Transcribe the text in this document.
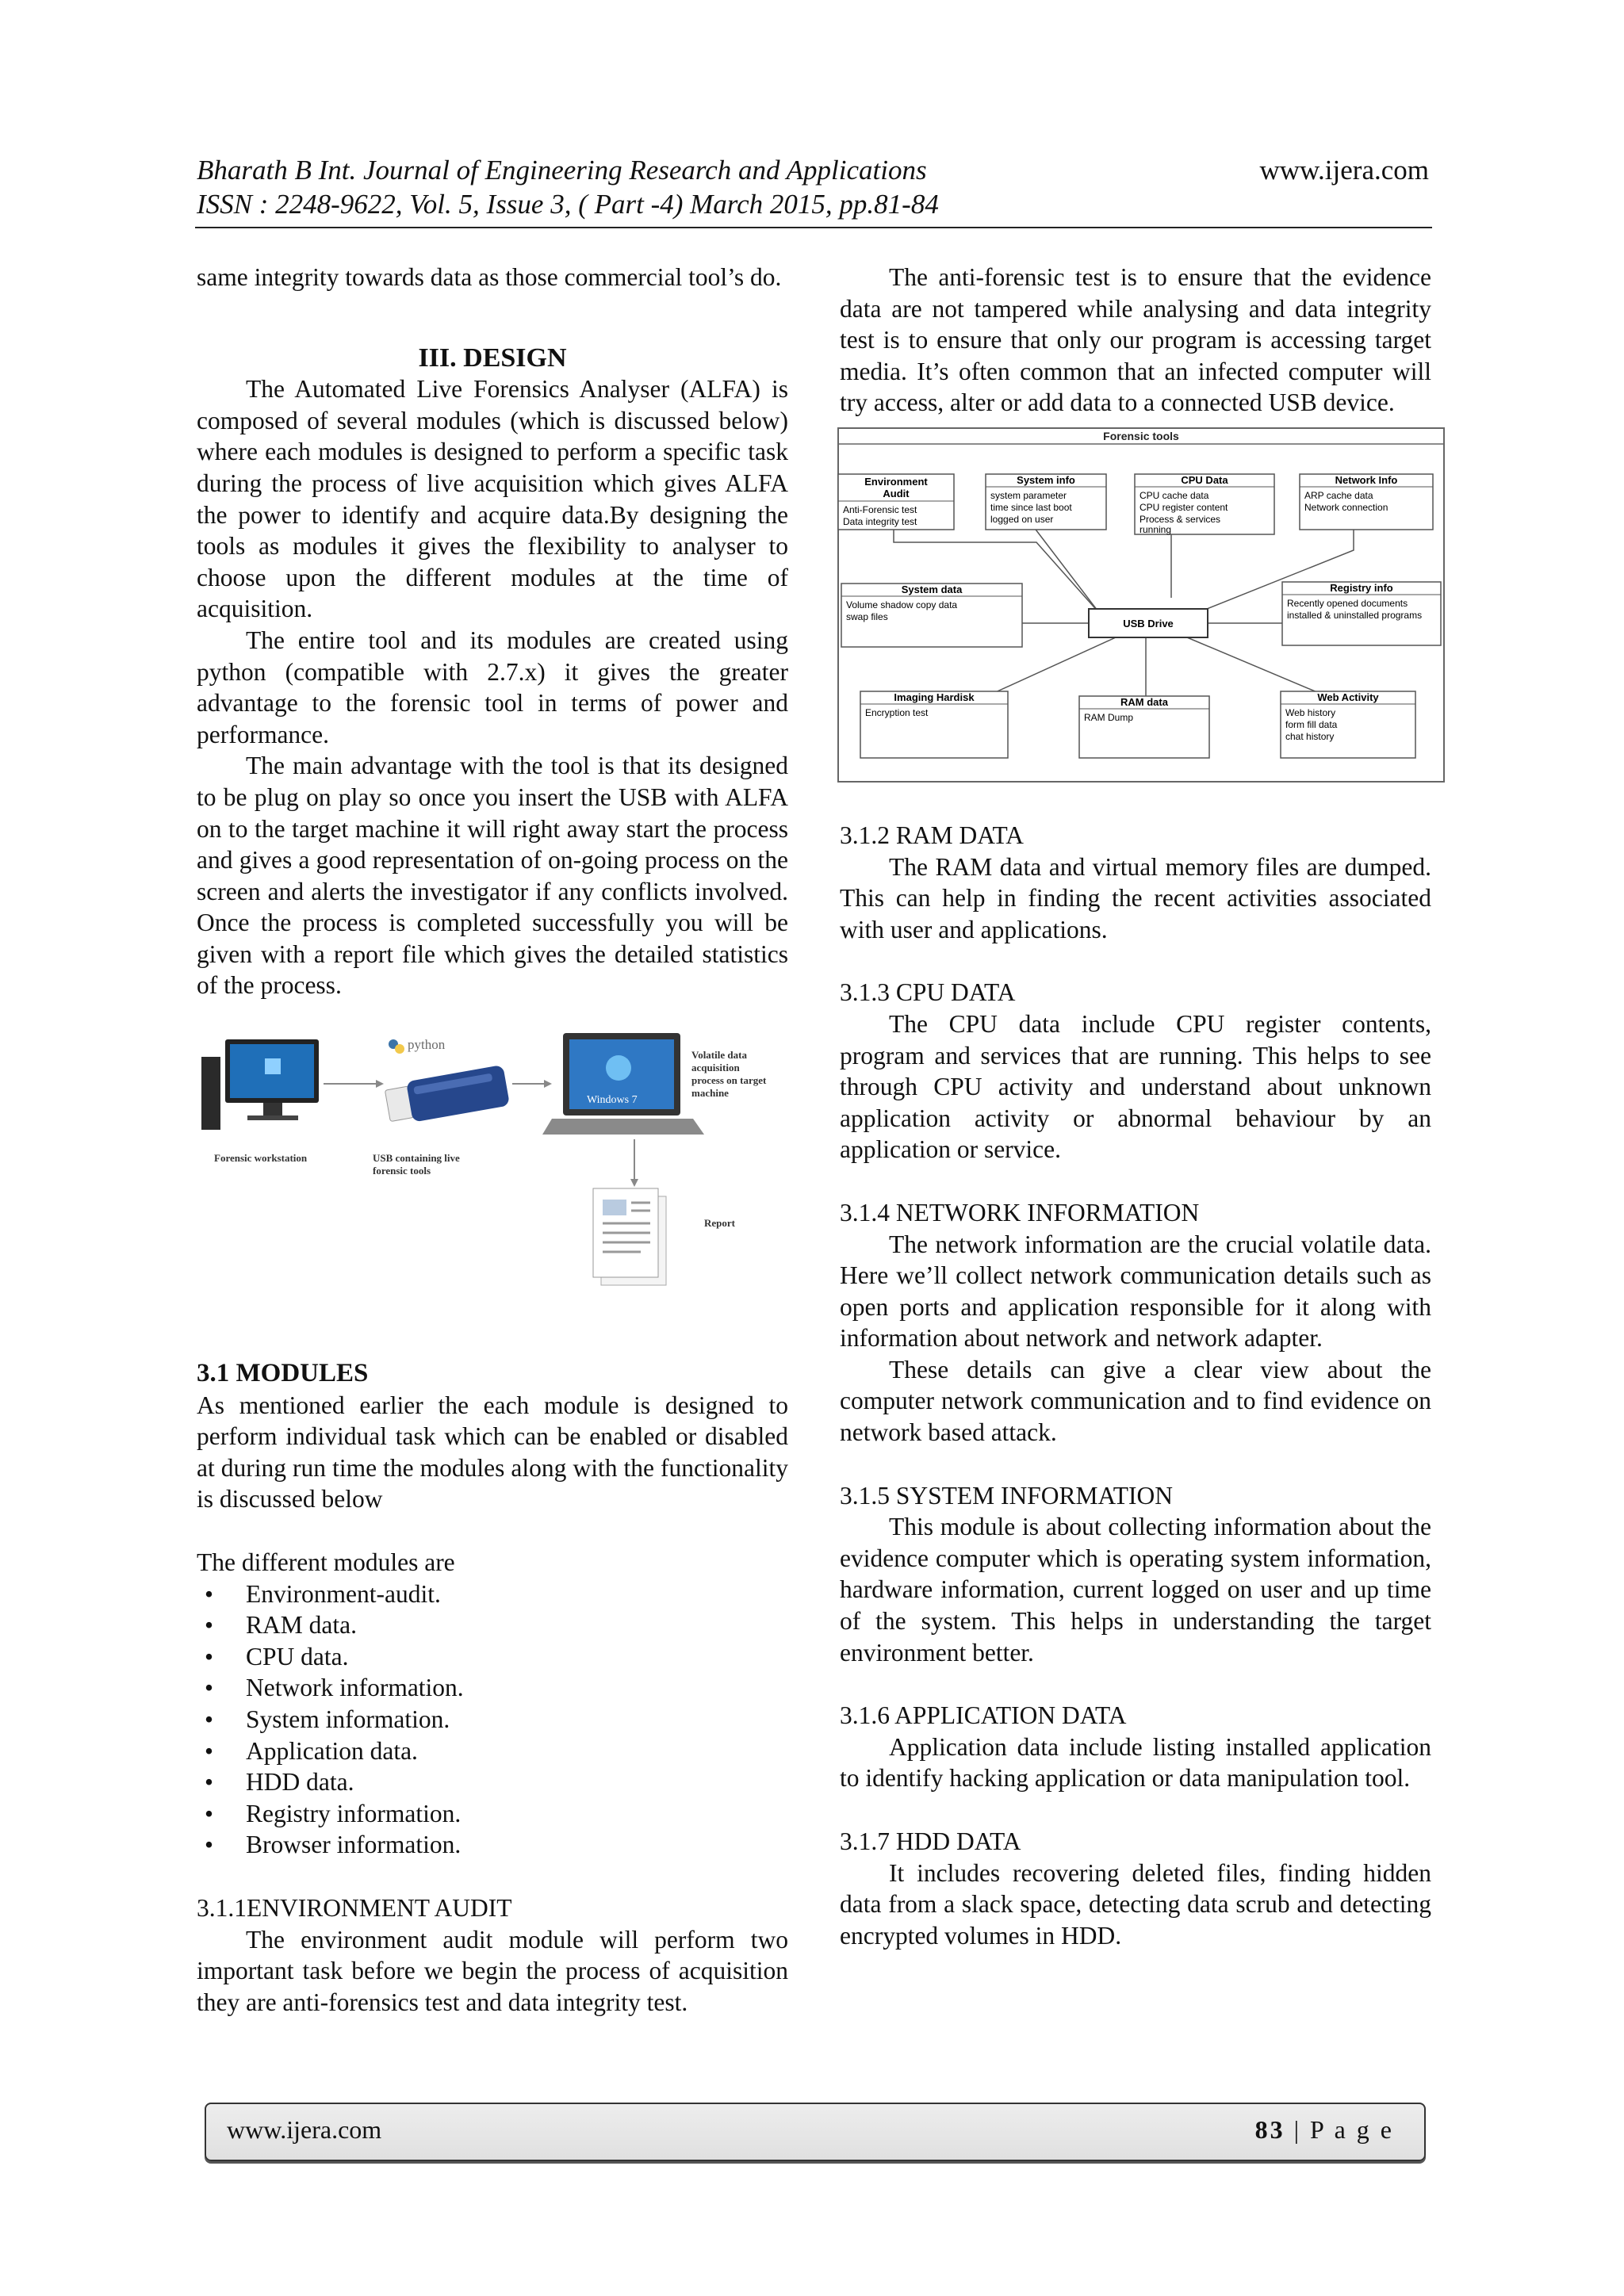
Bharath B Int. Journal of Engineering Research and Applications	www.ijera.com
ISSN : 2248-9622, Vol. 5, Issue 3, ( Part -4) March 2015, pp.81-84

same integrity towards data as those commercial tool’s do.

III. DESIGN

The Automated Live Forensics Analyser (ALFA) is composed of several modules (which is discussed below) where each modules is designed to perform a specific task during the process of live acquisition which gives ALFA the power to identify and acquire data.By designing the tools as modules it gives the flexibility to analyser to choose upon the different modules at the time of acquisition.

The entire tool and its modules are created using python (compatible with 2.7.x) it gives the greater advantage to the forensic tool in terms of power and performance.

The main advantage with the tool is that its designed to be plug on play so once you insert the USB with ALFA on to the target machine it will right away start the process and gives a good representation of on-going process on the screen and alerts the investigator if any conflicts involved. Once the process is completed successfully you will be given with a report file which gives the detailed statistics of the process.

python
Windows 7
Volatile data acquisition process on target machine
Forensic workstation	USB containing live forensic tools
Report

3.1 MODULES

As mentioned earlier the each module is designed to perform individual task which can be enabled or disabled at during run time the modules along with the functionality is discussed below

The different modules are

• Environment-audit.
• RAM data.
• CPU data.
• Network information.
• System information.
• Application data.
• HDD data.
• Registry information.
• Browser information.

3.1.1ENVIRONMENT AUDIT

The environment audit module will perform two important task before we begin the process of acquisition they are anti-forensics test and data integrity test.

The anti-forensic test is to ensure that the evidence data are not tampered while analysing and data integrity test is to ensure that only our program is accessing target media. It’s often common that an infected computer will try access, alter or add data to a connected USB device.

Forensic tools
Environment
Audit
Anti-Forensic test
Data integrity test
System info
system parameter
time since last boot
logged on user
CPU Data
CPU cache data
CPU register content
Process & services
running
Network Info
ARP cache data
Network connection
System data
Volume shadow copy data
swap files
USB Drive
Registry info
Recently opened documents
installed & uninstalled programs
Imaging Hardisk
Encryption test
RAM data
RAM Dump
Web Activity
Web history
form fill data
chat history

3.1.2 RAM DATA

The RAM data and virtual memory files are dumped. This can help in finding the recent activities associated with user and applications.

3.1.3 CPU DATA

The CPU data include CPU register contents, program and services that are running. This helps to see through CPU activity and understand about unknown application activity or abnormal behaviour by an application or service.

3.1.4 NETWORK INFORMATION

The network information are the crucial volatile data. Here we’ll collect network communication details such as open ports and application responsible for it along with information about network and network adapter.

These details can give a clear view about the computer network communication and to find evidence on network based attack.

3.1.5 SYSTEM INFORMATION

This module is about collecting information about the evidence computer which is operating system information, hardware information, current logged on user and up time of the system. This helps in understanding the target environment better.

3.1.6 APPLICATION DATA

Application data include listing installed application to identify hacking application or data manipulation tool.

3.1.7 HDD DATA

It includes recovering deleted files, finding hidden data from a slack space, detecting data scrub and detecting encrypted volumes in HDD.

www.ijera.com	83 | P a g e
